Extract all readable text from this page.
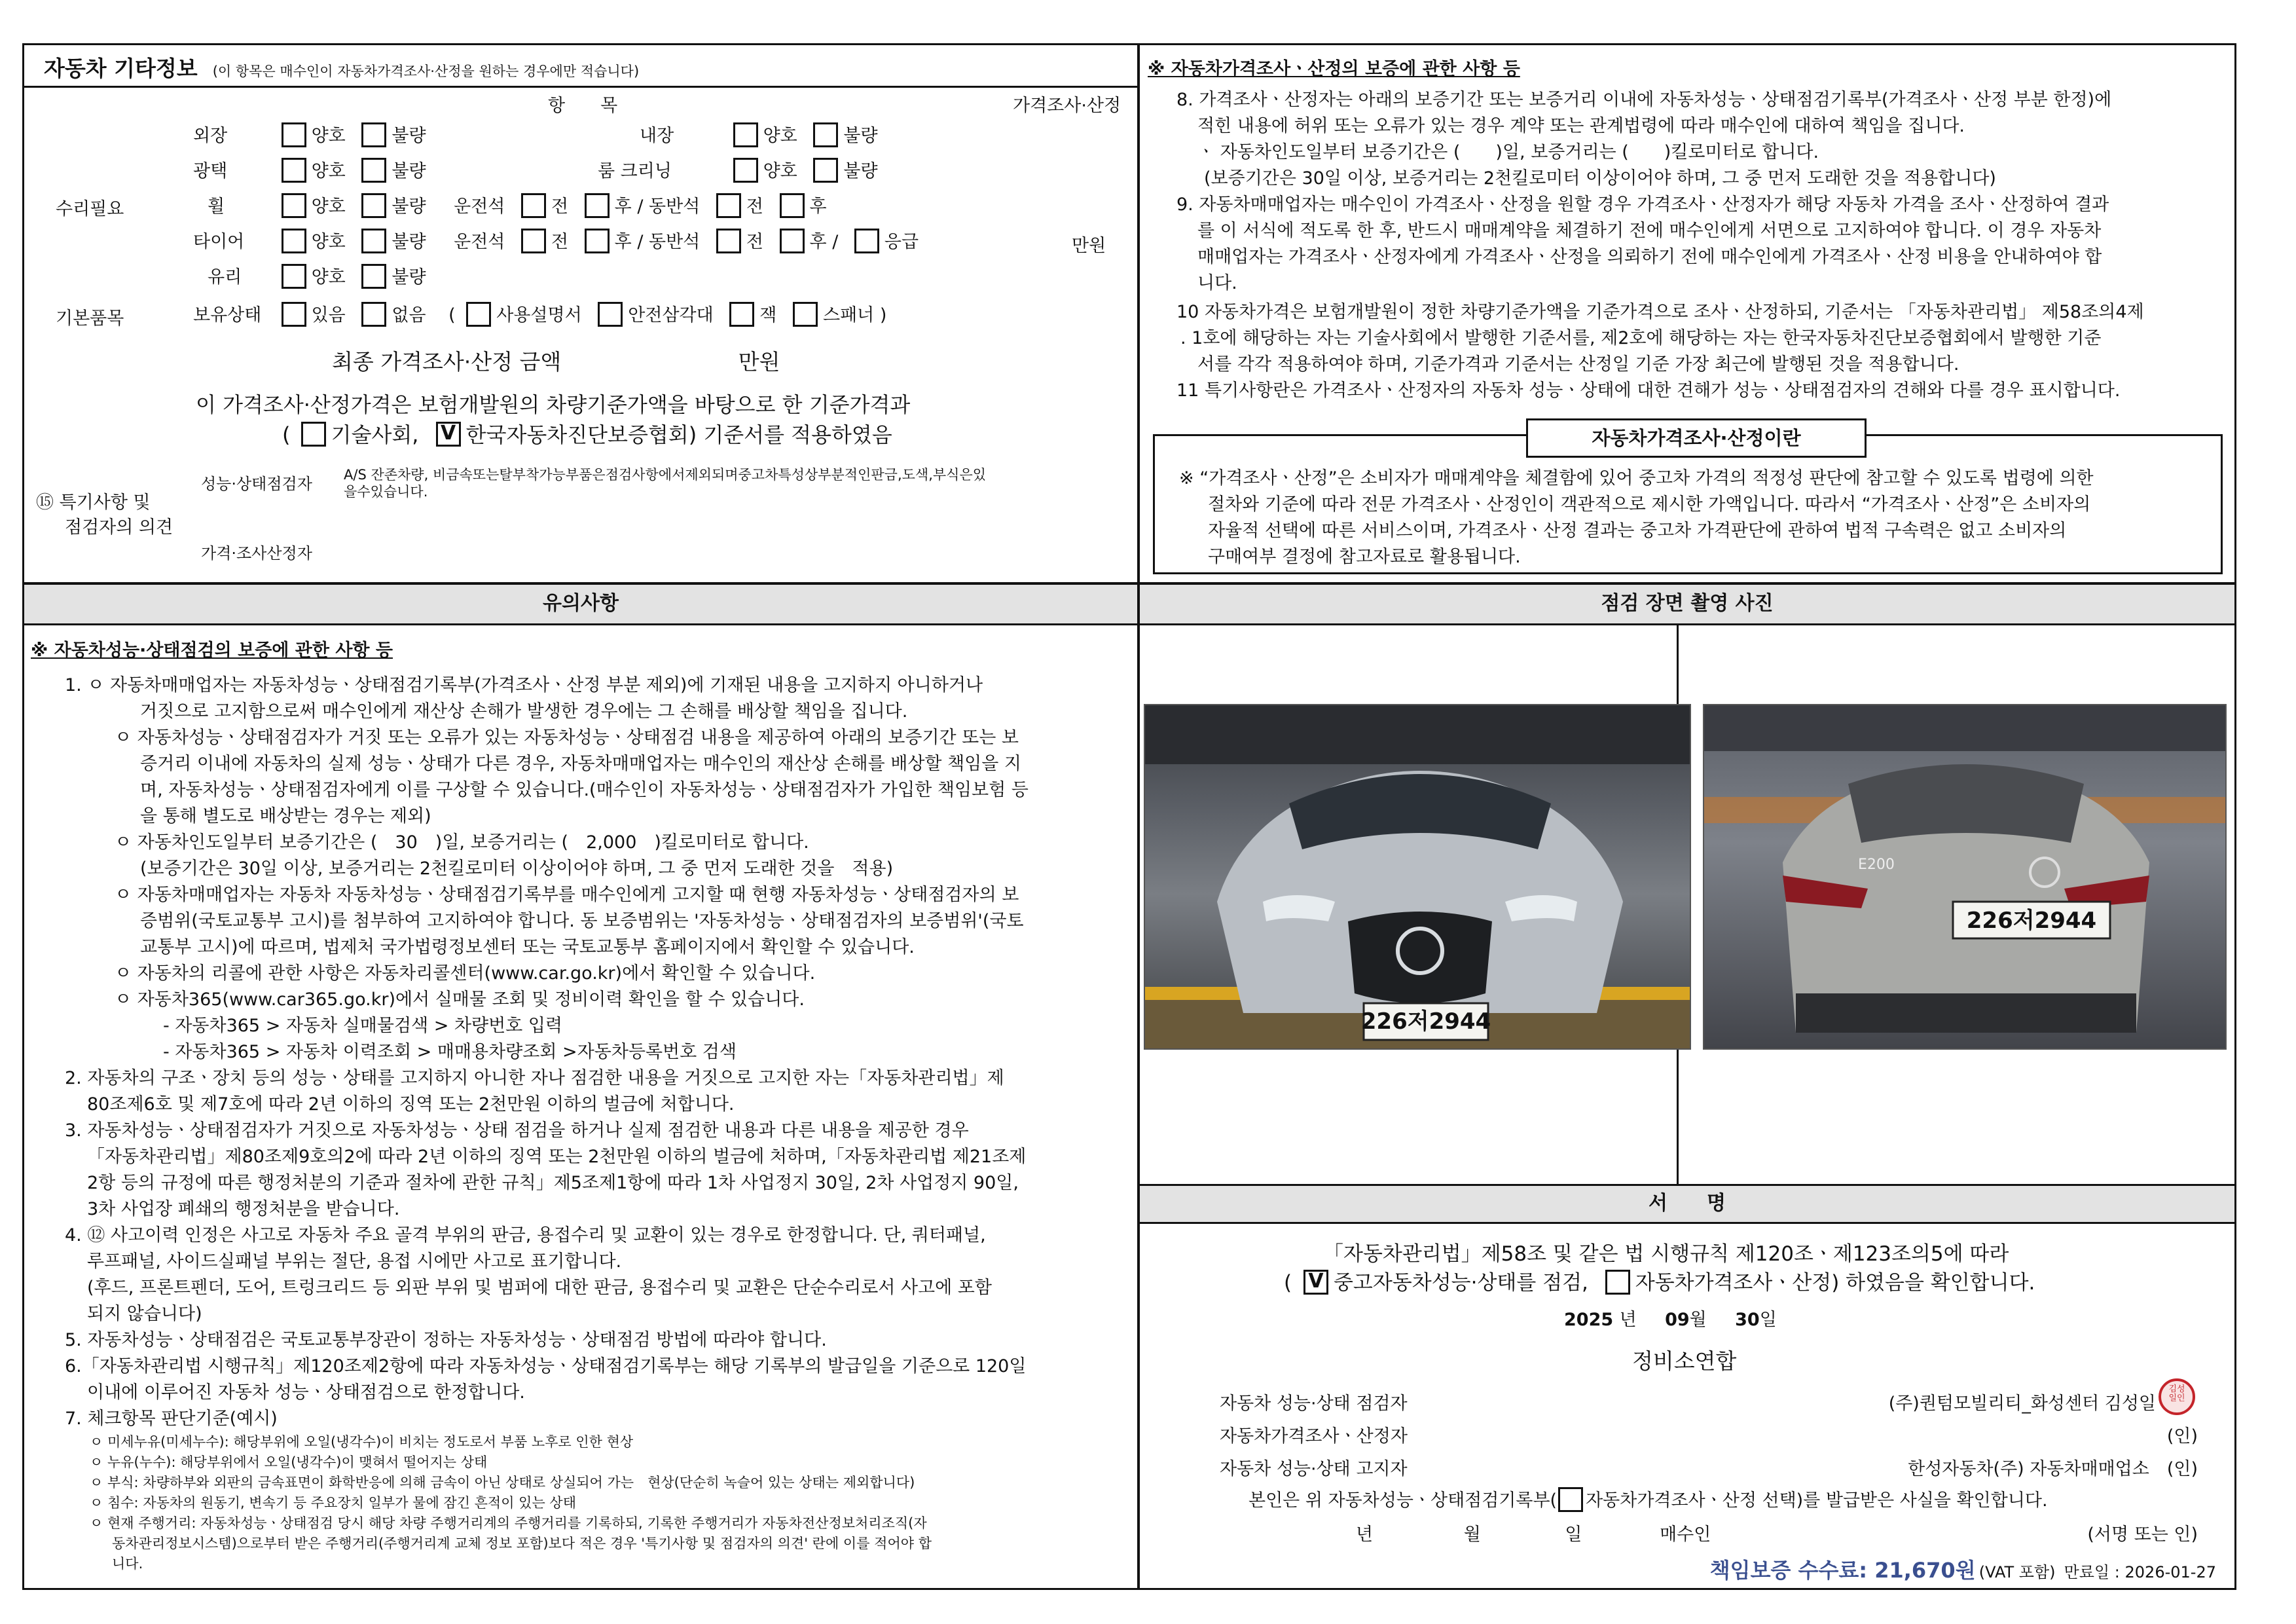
자동차 기타정보 (이 항목은 매수인이 자동차가격조사·산정을 원하는 경우에만 적습니다)
항　　목	가격조사·산정
수리필요
기본품목
외장	양호	불량	내장	양호	불량
광택	양호	불량	룸 크리닝	양호	불량
휠	양호	불량 운전석	전	후 / 동반석	전	후
타이어	양호	불량 운전석	전	후 / 동반석	전	후 /	응급	만원
유리	양호	불량
보유상태	있음	없음 ( 사용설명서	안전삼각대	잭	스패너 )
최종 가격조사·산정 금액	만원
이 가격조사·산정가격은 보험개발원의 차량기준가액을 바탕으로 한 기준가격과
( 기술사회, V 한국자동차진단보증협회) 기준서를 적용하였음
⑮ 특기사항 및
점검자의 의견
성능·상태점검자 A/S 잔존차량, 비금속또는탈부착가능부품은점검사항에서제외되며중고차특성상부분적인판금,도색,부식은있
을수있습니다.
가격·조사산정자
※ 자동차가격조사ㆍ산정의 보증에 관한 사항 등

8. 가격조사ㆍ산정자는 아래의 보증기간 또는 보증거리 이내에 자동차성능ㆍ상태점검기록부(가격조사ㆍ산정 부분 한정)에

적힌 내용에 허위 또는 오류가 있는 경우 계약 또는 관계법령에 따라 매수인에 대하여 책임을 집니다.

ㆍ 자동차인도일부터 보증기간은 (　　)일, 보증거리는 (　　)킬로미터로 합니다.

(보증기간은 30일 이상, 보증거리는 2천킬로미터 이상이어야 하며, 그 중 먼저 도래한 것을 적용합니다)

9. 자동차매매업자는 매수인이 가격조사ㆍ산정을 원할 경우 가격조사ㆍ산정자가 해당 자동차 가격을 조사ㆍ산정하여 결과

를 이 서식에 적도록 한 후, 반드시 매매계약을 체결하기 전에 매수인에게 서면으로 고지하여야 합니다. 이 경우 자동차

매매업자는 가격조사ㆍ산정자에게 가격조사ㆍ산정을 의뢰하기 전에 매수인에게 가격조사ㆍ산정 비용을 안내하여야 합

니다.

10 자동차가격은 보험개발원이 정한 차량기준가액을 기준가격으로 조사ㆍ산정하되, 기준서는 「자동차관리법」 제58조의4제

. 1호에 해당하는 자는 기술사회에서 발행한 기준서를, 제2호에 해당하는 자는 한국자동차진단보증협회에서 발행한 기준

서를 각각 적용하여야 하며, 기준가격과 기준서는 산정일 기준 가장 최근에 발행된 것을 적용합니다.

11 특기사항란은 가격조사ㆍ산정자의 자동차 성능ㆍ상태에 대한 견해가 성능ㆍ상태점검자의 견해와 다를 경우 표시합니다.

자동차가격조사·산정이란

※ “가격조사ㆍ산정”은 소비자가 매매계약을 체결함에 있어 중고차 가격의 적정성 판단에 참고할 수 있도록 법령에 의한

절차와 기준에 따라 전문 가격조사ㆍ산정인이 객관적으로 제시한 가액입니다. 따라서 “가격조사ㆍ산정”은 소비자의

자율적 선택에 따른 서비스이며, 가격조사ㆍ산정 결과는 중고차 가격판단에 관하여 법적 구속력은 없고 소비자의

구매여부 결정에 참고자료로 활용됩니다.

유의사항
※ 자동차성능·상태점검의 보증에 관한 사항 등

1. ㅇ 자동차매매업자는 자동차성능ㆍ상태점검기록부(가격조사ㆍ산정 부분 제외)에 기재된 내용을 고지하지 아니하거나

거짓으로 고지함으로써 매수인에게 재산상 손해가 발생한 경우에는 그 손해를 배상할 책임을 집니다.

ㅇ 자동차성능ㆍ상태점검자가 거짓 또는 오류가 있는 자동차성능ㆍ상태점검 내용을 제공하여 아래의 보증기간 또는 보

증거리 이내에 자동차의 실제 성능ㆍ상태가 다른 경우, 자동차매매업자는 매수인의 재산상 손해를 배상할 책임을 지

며, 자동차성능ㆍ상태점검자에게 이를 구상할 수 있습니다.(매수인이 자동차성능ㆍ상태점검자가 가입한 책임보험 등

을 통해 별도로 배상받는 경우는 제외)

ㅇ 자동차인도일부터 보증기간은 (　30　)일, 보증거리는 (　2,000　)킬로미터로 합니다.

(보증기간은 30일 이상, 보증거리는 2천킬로미터 이상이어야 하며, 그 중 먼저 도래한 것을　적용)

ㅇ 자동차매매업자는 자동차 자동차성능ㆍ상태점검기록부를 매수인에게 고지할 때 현행 자동차성능ㆍ상태점검자의 보

증범위(국토교통부 고시)를 첨부하여 고지하여야 합니다. 동 보증범위는 '자동차성능ㆍ상태점검자의 보증범위'(국토

교통부 고시)에 따르며, 법제처 국가법령정보센터 또는 국토교통부 홈페이지에서 확인할 수 있습니다.

ㅇ 자동차의 리콜에 관한 사항은 자동차리콜센터(www.car.go.kr)에서 확인할 수 있습니다.

ㅇ 자동차365(www.car365.go.kr)에서 실매물 조회 및 정비이력 확인을 할 수 있습니다.

- 자동차365 > 자동차 실매물검색 > 차량번호 입력

- 자동차365 > 자동차 이력조회 > 매매용차량조회 >자동차등록번호 검색

2. 자동차의 구조ㆍ장치 등의 성능ㆍ상태를 고지하지 아니한 자나 점검한 내용을 거짓으로 고지한 자는「자동차관리법」제

80조제6호 및 제7호에 따라 2년 이하의 징역 또는 2천만원 이하의 벌금에 처합니다.

3. 자동차성능ㆍ상태점검자가 거짓으로 자동차성능ㆍ상태 점검을 하거나 실제 점검한 내용과 다른 내용을 제공한 경우

「자동차관리법」제80조제9호의2에 따라 2년 이하의 징역 또는 2천만원 이하의 벌금에 처하며,「자동차관리법 제21조제

2항 등의 규정에 따른 행정처분의 기준과 절차에 관한 규칙」제5조제1항에 따라 1차 사업정지 30일, 2차 사업정지 90일,

3차 사업장 폐쇄의 행정처분을 받습니다.

4. ⑫ 사고이력 인정은 사고로 자동차 주요 골격 부위의 판금, 용접수리 및 교환이 있는 경우로 한정합니다. 단, 쿼터패널,

루프패널, 사이드실패널 부위는 절단, 용접 시에만 사고로 표기합니다.

(후드, 프론트펜더, 도어, 트렁크리드 등 외판 부위 및 범퍼에 대한 판금, 용접수리 및 교환은 단순수리로서 사고에 포함

되지 않습니다)

5. 자동차성능ㆍ상태점검은 국토교통부장관이 정하는 자동차성능ㆍ상태점검 방법에 따라야 합니다.

6.「자동차관리법 시행규칙」제120조제2항에 따라 자동차성능ㆍ상태점검기록부는 해당 기록부의 발급일을 기준으로 120일

이내에 이루어진 자동차 성능ㆍ상태점검으로 한정합니다.

7. 체크항목 판단기준(예시)

ㅇ 미세누유(미세누수): 해당부위에 오일(냉각수)이 비치는 정도로서 부품 노후로 인한 현상

ㅇ 누유(누수): 해당부위에서 오일(냉각수)이 맺혀서 떨어지는 상태

ㅇ 부식: 차량하부와 외판의 금속표면이 화학반응에 의해 금속이 아닌 상태로 상실되어 가는　현상(단순히 녹슬어 있는 상태는 제외합니다)

ㅇ 침수: 자동차의 원동기, 변속기 등 주요장치 일부가 물에 잠긴 흔적이 있는 상태

ㅇ 현재 주행거리: 자동차성능ㆍ상태점검 당시 해당 차량 주행거리계의 주행거리를 기록하되, 기록한 주행거리가 자동차전산정보처리조직(자

동차관리정보시스템)으로부터 받은 주행거리(주행거리계 교체 정보 포함)보다 적은 경우 '특기사항 및 점검자의 의견' 란에 이를 적어야 합

니다.

점검 장면 촬영 사진
226저2944
E200
226저2944
서　　명
「자동차관리법」제58조 및 같은 법 시행규칙 제120조ㆍ제123조의5에 따라
( V 중고자동차성능·상태를 점검, 자동차가격조사ㆍ산정) 하였음을 확인합니다.
2025 년 09월 30일
정비소연합
자동차 성능·상태 점검자	(주)퀀텀모빌리티_화성센터 김성일
김성일인
자동차가격조사ㆍ산정자	(인)
자동차 성능·상태 고지자	한성자동차(주) 자동차매매업소　(인)
본인은 위 자동차성능ㆍ상태점검기록부( 자동차가격조사ㆍ산정 선택)를 발급받은 사실을 확인합니다.
년	월	일	매수인	(서명 또는 인)
책임보증 수수료: 21,670원 (VAT 포함) 만료일 : 2026-01-27
